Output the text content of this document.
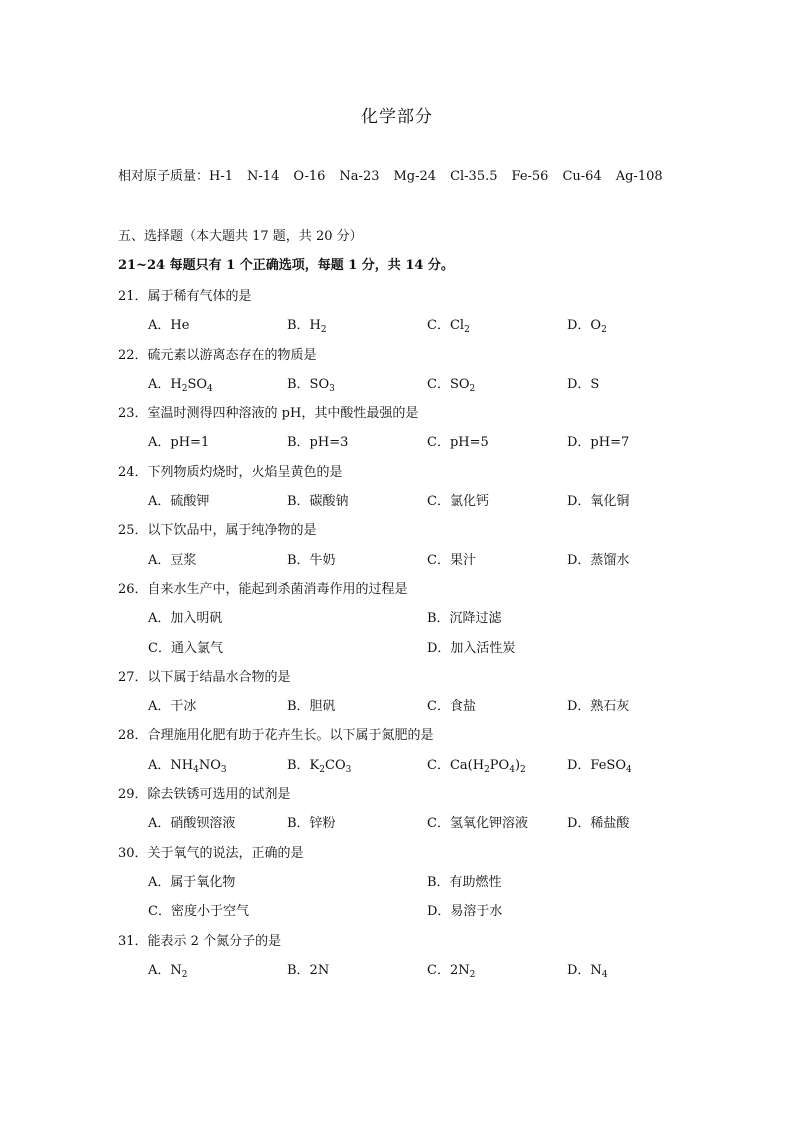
化学部分
相对原子质量：H-1 N-14 O-16 Na-23 Mg-24 Cl-35.5 Fe-56 Cu-64 Ag-108
五、选择题（本大题共 17 题，共 20 分）
21~24 每题只有 1 个正确选项，每题 1 分，共 14 分。
21．属于稀有气体的是
A．He	B．$H_2$	C．$Cl_2$	D．$O_2$
22．硫元素以游离态存在的物质是
A．$H_2SO_4$	B．$SO_3$	C．$SO_2$	D．S
23．室温时测得四种溶液的 pH，其中酸性最强的是
A．pH=1	B．pH=3	C．pH=5	D．pH=7
24．下列物质灼烧时，火焰呈黄色的是
A．硫酸钾	B．碳酸钠	C．氯化钙	D．氧化铜
25．以下饮品中，属于纯净物的是
A．豆浆	B．牛奶	C．果汁	D．蒸馏水
26．自来水生产中，能起到杀菌消毒作用的过程是
A．加入明矾	B．沉降过滤
C．通入氯气	D．加入活性炭
27．以下属于结晶水合物的是
A．干冰	B．胆矾	C．食盐	D．熟石灰
28．合理施用化肥有助于花卉生长。以下属于氮肥的是
A．$NH_4NO_3$	B．$K_2CO_3$	C．$Ca(H_2PO_4)_2$	D．FeSO$_4$
29．除去铁锈可选用的试剂是
A．硝酸钡溶液	B．锌粉	C．氢氧化钾溶液	D．稀盐酸
30．关于氧气的说法，正确的是
A．属于氧化物	B．有助燃性
C．密度小于空气	D．易溶于水
31．能表示 2 个氮分子的是
A．$N_2$	B．2N	C．$2N_2$	D．$N_4$
